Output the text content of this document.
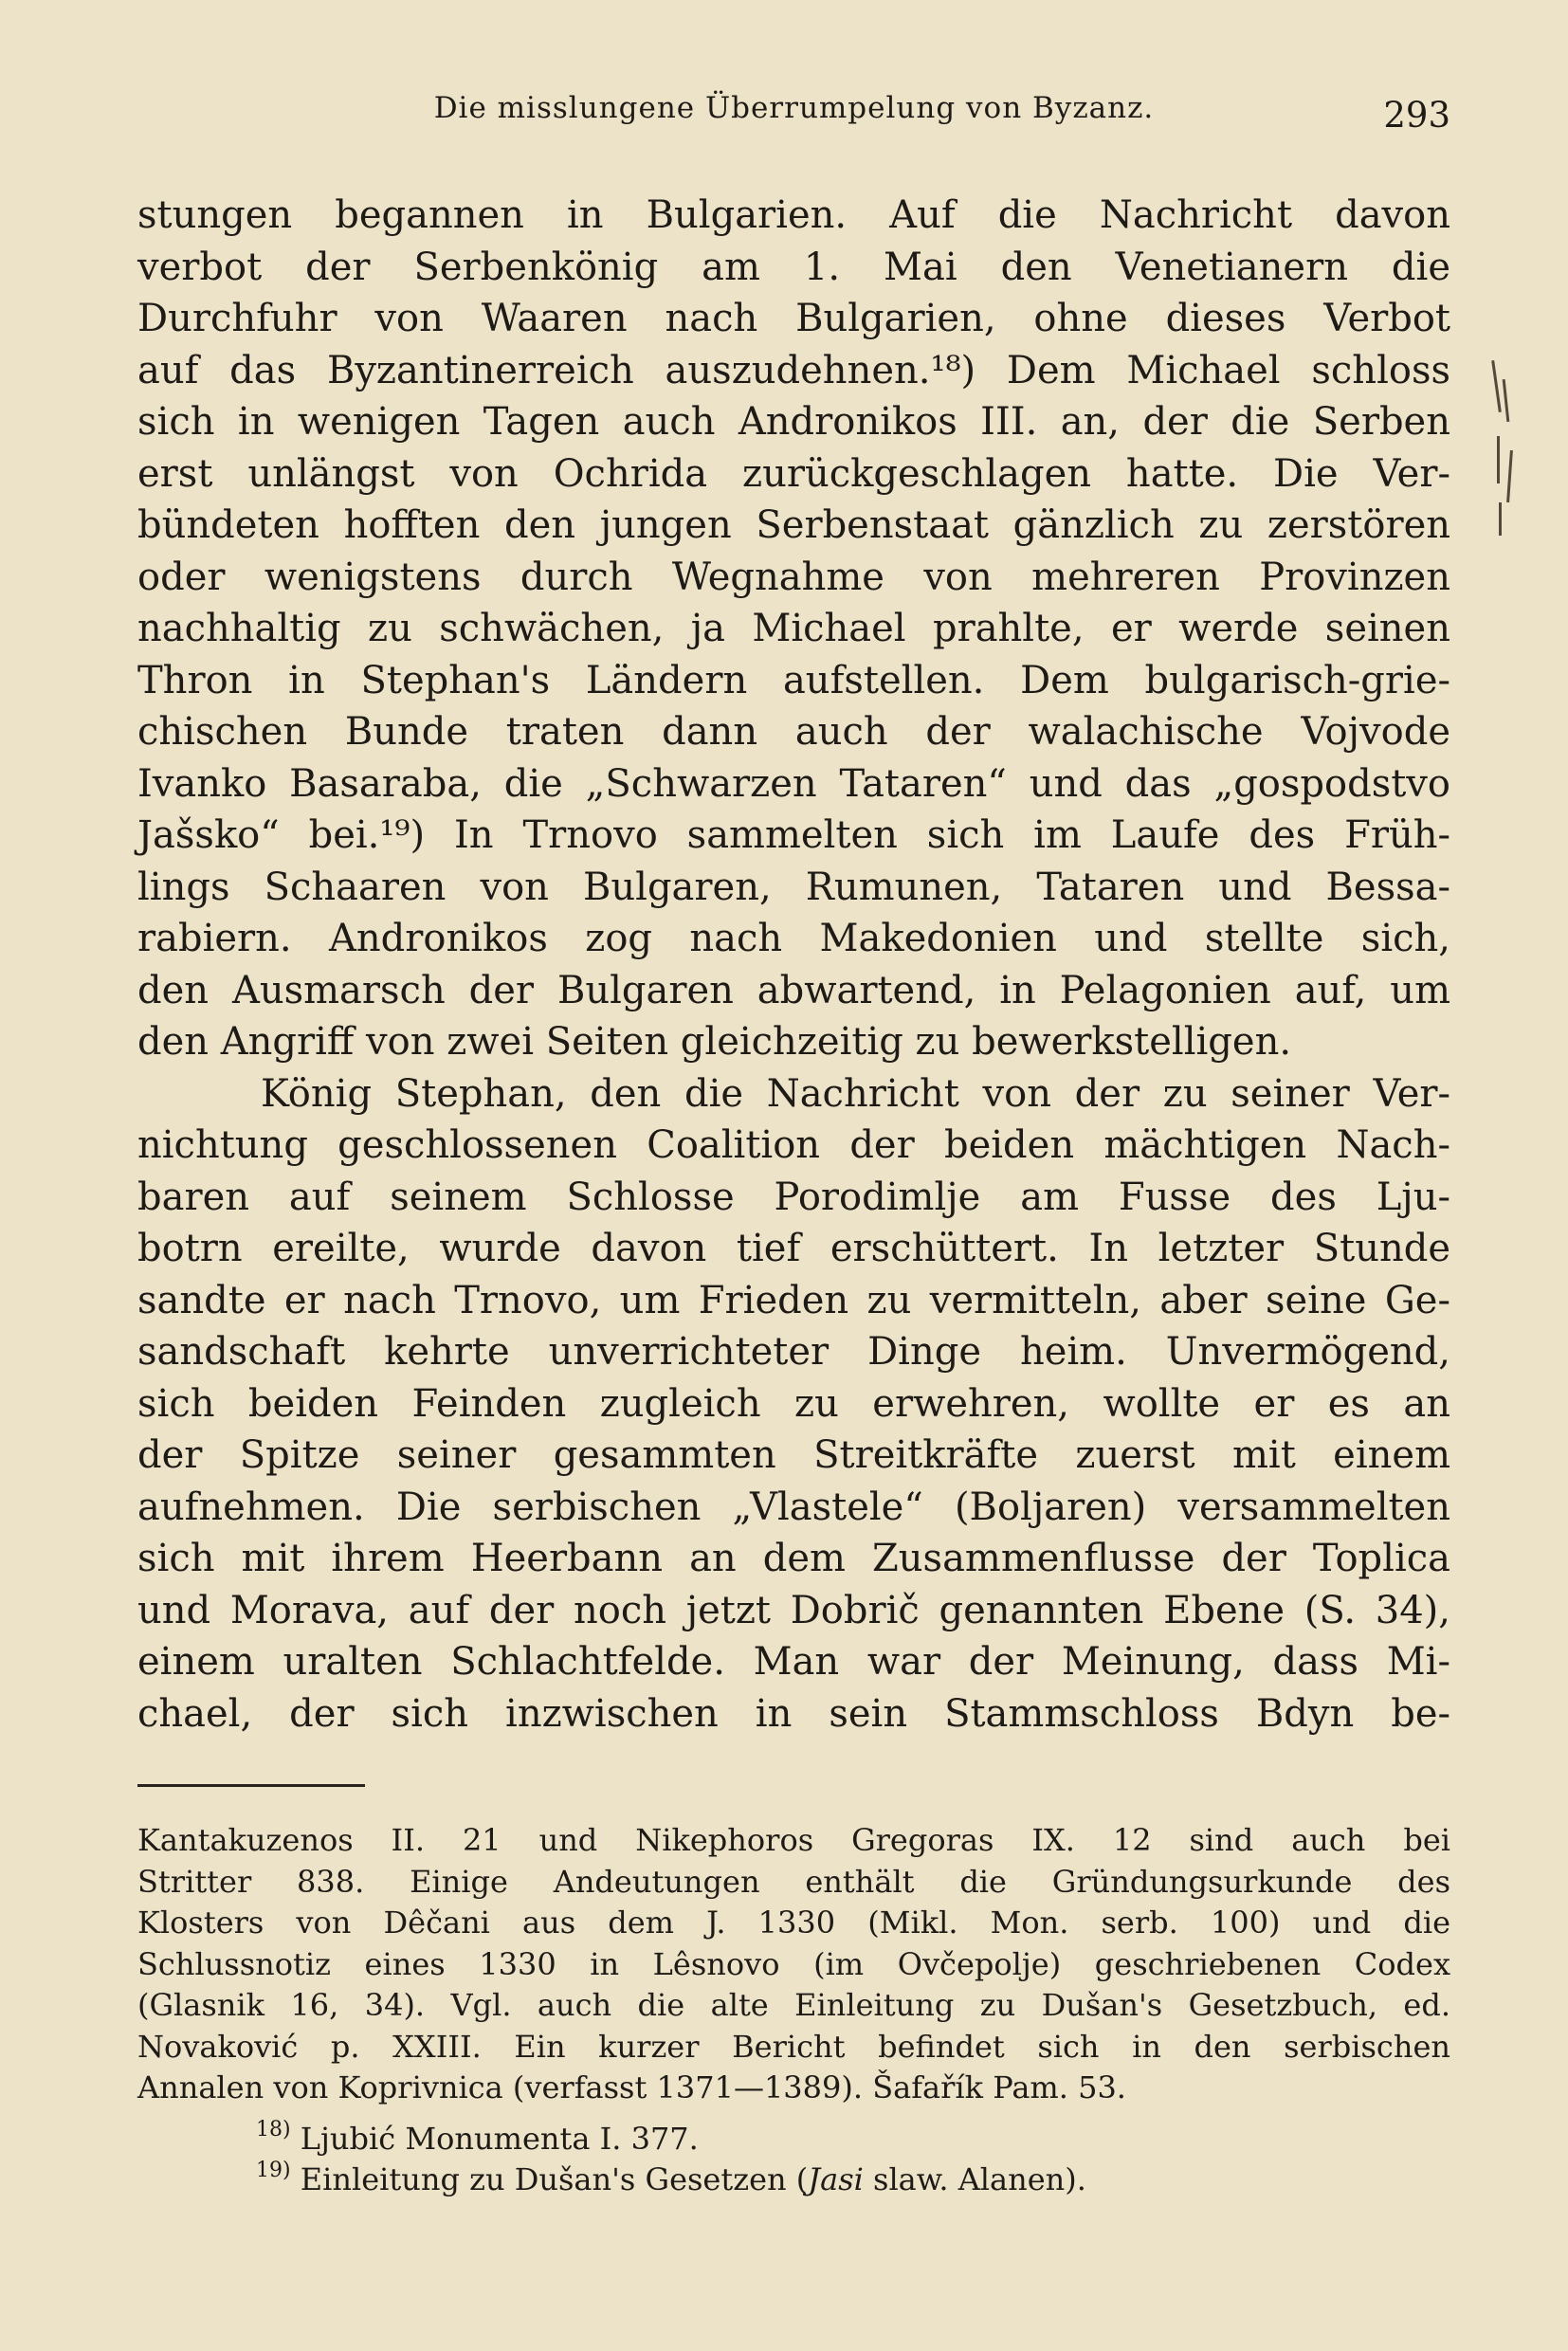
Die misslungene Überrumpelung von Byzanz.	293
stungen begannen in Bulgarien. Auf die Nachricht davon
verbot der Serbenkönig am 1. Mai den Venetianern die
Durchfuhr von Waaren nach Bulgarien, ohne dieses Verbot
auf das Byzantinerreich auszudehnen.¹⁸) Dem Michael schloss
sich in wenigen Tagen auch Andronikos III. an, der die Serben
erst unlängst von Ochrida zurückgeschlagen hatte. Die Ver-
bündeten hofften den jungen Serbenstaat gänzlich zu zerstören
oder wenigstens durch Wegnahme von mehreren Provinzen
nachhaltig zu schwächen, ja Michael prahlte, er werde seinen
Thron in Stephan's Ländern aufstellen. Dem bulgarisch-grie-
chischen Bunde traten dann auch der walachische Vojvode
Ivanko Basaraba, die „Schwarzen Tataren“ und das „gospodstvo
Jašsko“ bei.¹⁹) In Trnovo sammelten sich im Laufe des Früh-
lings Schaaren von Bulgaren, Rumunen, Tataren und Bessa-
rabiern. Andronikos zog nach Makedonien und stellte sich,
den Ausmarsch der Bulgaren abwartend, in Pelagonien auf, um
den Angriff von zwei Seiten gleichzeitig zu bewerkstelligen.
König Stephan, den die Nachricht von der zu seiner Ver-
nichtung geschlossenen Coalition der beiden mächtigen Nach-
baren auf seinem Schlosse Porodimlje am Fusse des Lju-
botrn ereilte, wurde davon tief erschüttert. In letzter Stunde
sandte er nach Trnovo, um Frieden zu vermitteln, aber seine Ge-
sandschaft kehrte unverrichteter Dinge heim. Unvermögend,
sich beiden Feinden zugleich zu erwehren, wollte er es an
der Spitze seiner gesammten Streitkräfte zuerst mit einem
aufnehmen. Die serbischen „Vlastele“ (Boljaren) versammelten
sich mit ihrem Heerbann an dem Zusammenflusse der Toplica
und Morava, auf der noch jetzt Dobrič genannten Ebene (S. 34),
einem uralten Schlachtfelde. Man war der Meinung, dass Mi-
chael, der sich inzwischen in sein Stammschloss Bdyn be-
Kantakuzenos II. 21 und Nikephoros Gregoras IX. 12 sind auch bei
Stritter 838. Einige Andeutungen enthält die Gründungsurkunde des
Klosters von Dêčani aus dem J. 1330 (Mikl. Mon. serb. 100) und die
Schlussnotiz eines 1330 in Lêsnovo (im Ovčepolje) geschriebenen Codex
(Glasnik 16, 34). Vgl. auch die alte Einleitung zu Dušan's Gesetzbuch, ed.
Novaković p. XXIII. Ein kurzer Bericht befindet sich in den serbischen
Annalen von Koprivnica (verfasst 1371—1389). Šafařík Pam. 53.
$^{18)}$ Ljubić Monumenta I. 377.
$^{19)}$ Einleitung zu Dušan's Gesetzen (Jasi slaw. Alanen).
